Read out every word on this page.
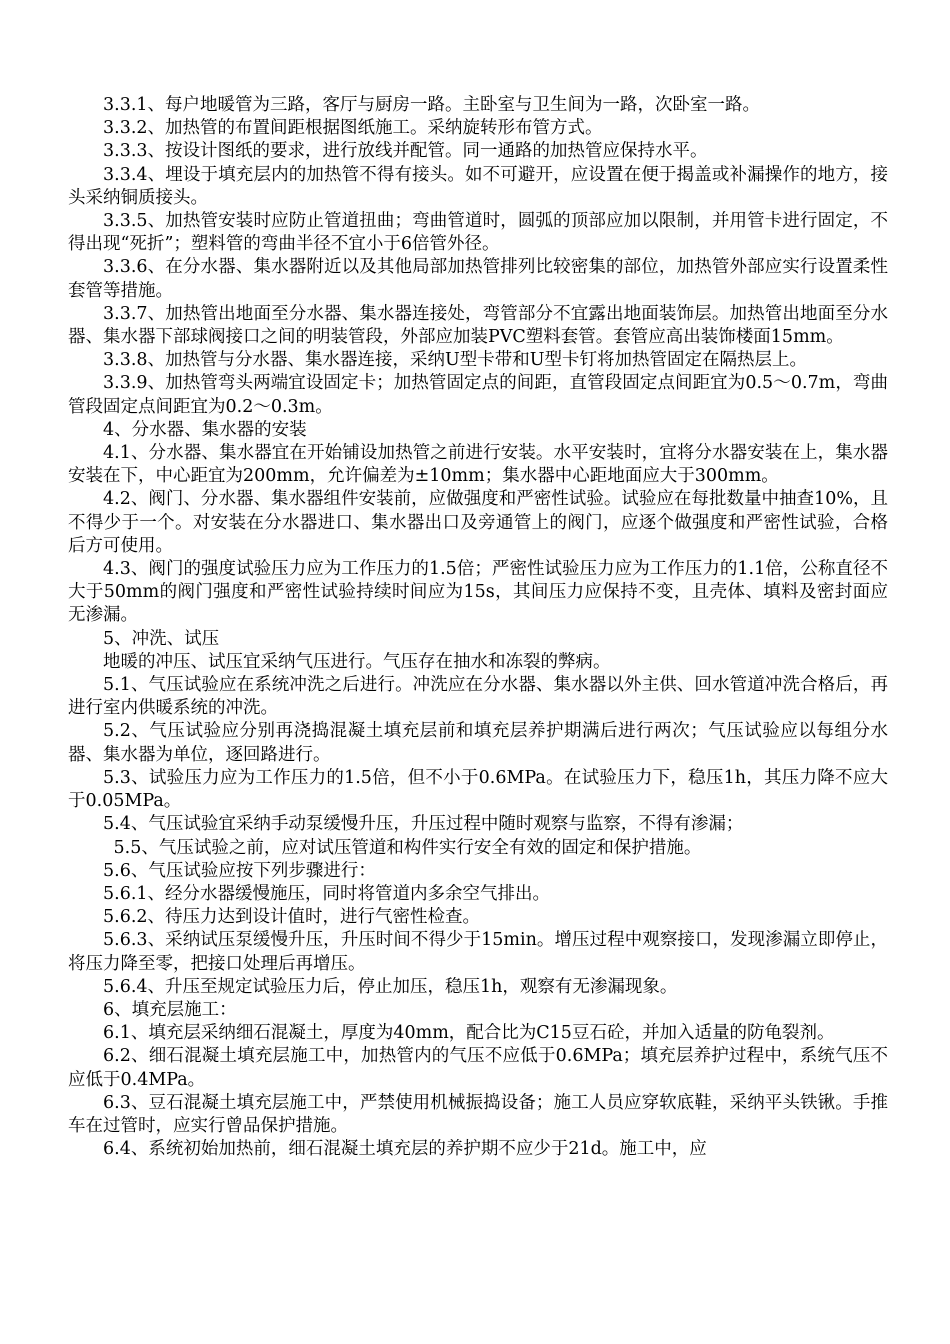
3.3.1、每户地暖管为三路，客厅与厨房一路。主卧室与卫生间为一路，次卧室一路。

3.3.2、加热管的布置间距根据图纸施工。采纳旋转形布管方式。

3.3.3、按设计图纸的要求，进行放线并配管。同一通路的加热管应保持水平。

3.3.4、埋设于填充层内的加热管不得有接头。如不可避开，应设置在便于揭盖或补漏操作的地方，接头采纳铜质接头。

3.3.5、加热管安装时应防止管道扭曲；弯曲管道时，圆弧的顶部应加以限制，并用管卡进行固定，不得出现“死折”；塑料管的弯曲半径不宜小于6倍管外径。

3.3.6、在分水器、集水器附近以及其他局部加热管排列比较密集的部位，加热管外部应实行设置柔性套管等措施。

3.3.7、加热管出地面至分水器、集水器连接处，弯管部分不宜露出地面装饰层。加热管出地面至分水器、集水器下部球阀接口之间的明装管段，外部应加装PVC塑料套管。套管应高出装饰楼面15mm。

3.3.8、加热管与分水器、集水器连接，采纳U型卡带和U型卡钉将加热管固定在隔热层上。

3.3.9、加热管弯头两端宜设固定卡；加热管固定点的间距，直管段固定点间距宜为0.5～0.7m，弯曲管段固定点间距宜为0.2～0.3m。

4、分水器、集水器的安装

4.1、分水器、集水器宜在开始铺设加热管之前进行安装。水平安装时，宜将分水器安装在上，集水器安装在下，中心距宜为200mm，允许偏差为±10mm；集水器中心距地面应大于300mm。

4.2、阀门、分水器、集水器组件安装前，应做强度和严密性试验。试验应在每批数量中抽查10%，且不得少于一个。对安装在分水器进口、集水器出口及旁通管上的阀门，应逐个做强度和严密性试验，合格后方可使用。

4.3、阀门的强度试验压力应为工作压力的1.5倍；严密性试验压力应为工作压力的1.1倍，公称直径不大于50mm的阀门强度和严密性试验持续时间应为15s，其间压力应保持不变，且壳体、填料及密封面应无渗漏。

5、冲洗、试压

地暖的冲压、试压宜采纳气压进行。气压存在抽水和冻裂的弊病。

5.1、气压试验应在系统冲洗之后进行。冲洗应在分水器、集水器以外主供、回水管道冲洗合格后，再进行室内供暖系统的冲洗。

5.2、气压试验应分别再浇捣混凝土填充层前和填充层养护期满后进行两次；气压试验应以每组分水器、集水器为单位，逐回路进行。

5.3、试验压力应为工作压力的1.5倍，但不小于0.6MPa。在试验压力下，稳压1h，其压力降不应大于0.05MPa。

5.4、气压试验宜采纳手动泵缓慢升压，升压过程中随时观察与监察，不得有渗漏；

5.5、气压试验之前，应对试压管道和构件实行安全有效的固定和保护措施。

5.6、气压试验应按下列步骤进行：

5.6.1、经分水器缓慢施压，同时将管道内多余空气排出。

5.6.2、待压力达到设计值时，进行气密性检查。

5.6.3、采纳试压泵缓慢升压，升压时间不得少于15min。增压过程中观察接口，发现渗漏立即停止，将压力降至零，把接口处理后再增压。

5.6.4、升压至规定试验压力后，停止加压，稳压1h，观察有无渗漏现象。

6、填充层施工：

6.1、填充层采纳细石混凝土，厚度为40mm，配合比为C15豆石砼，并加入适量的防龟裂剂。

6.2、细石混凝土填充层施工中，加热管内的气压不应低于0.6MPa；填充层养护过程中，系统气压不应低于0.4MPa。

6.3、豆石混凝土填充层施工中，严禁使用机械振捣设备；施工人员应穿软底鞋，采纳平头铁锹。手推车在过管时，应实行曾品保护措施。

6.4、系统初始加热前，细石混凝土填充层的养护期不应少于21d。施工中，应
